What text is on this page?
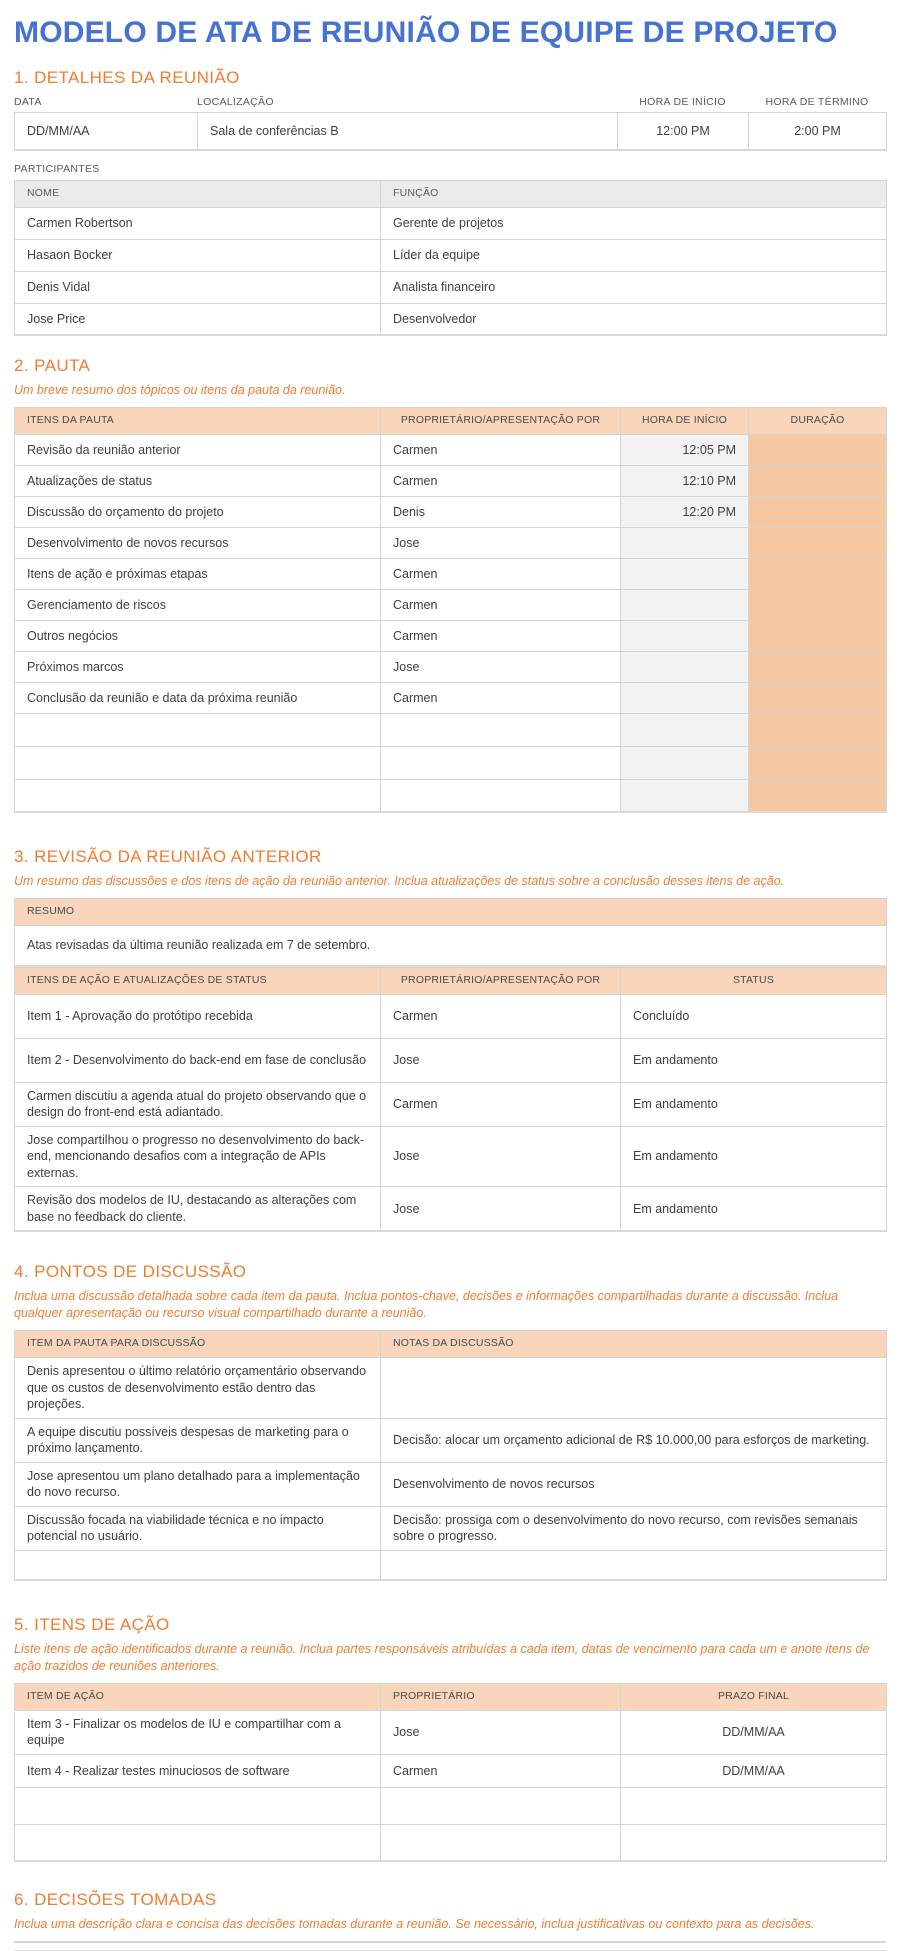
MODELO DE ATA DE REUNIÃO DE EQUIPE DE PROJETO
1. DETALHES DA REUNIÃO
DATA	LOCALIZAÇÃO	HORA DE INÍCIO	HORA DE TÉRMINO
DD/MM/AA	Sala de conferências B	12:00 PM	2:00 PM
PARTICIPANTES
NOME	FUNÇÃO
Carmen Robertson	Gerente de projetos
Hasaon Bocker	Líder da equipe
Denis Vidal	Analista financeiro
Jose Price	Desenvolvedor
2. PAUTA
Um breve resumo dos tópicos ou itens da pauta da reunião.
ITENS DA PAUTA	PROPRIETÁRIO/APRESENTAÇÃO POR	HORA DE INÍCIO	DURAÇÃO
Revisão da reunião anterior	Carmen	12:05 PM	
Atualizações de status	Carmen	12:10 PM	
Discussão do orçamento do projeto	Denis	12:20 PM	
Desenvolvimento de novos recursos	Jose		
Itens de ação e próximas etapas	Carmen		
Gerenciamento de riscos	Carmen		
Outros negócios	Carmen		
Próximos marcos	Jose		
Conclusão da reunião e data da próxima reunião	Carmen		

3. REVISÃO DA REUNIÃO ANTERIOR
Um resumo das discussões e dos itens de ação da reunião anterior. Inclua atualizações de status sobre a conclusão desses itens de ação.
RESUMO
Atas revisadas da última reunião realizada em 7 de setembro.
ITENS DE AÇÃO E ATUALIZAÇÕES DE STATUS	PROPRIETÁRIO/APRESENTAÇÃO POR	STATUS
Item 1 - Aprovação do protótipo recebida	Carmen	Concluído
Item 2 - Desenvolvimento do back-end em fase de conclusão	Jose	Em andamento
Carmen discutiu a agenda atual do projeto observando que o design do front-end está adiantado.	Carmen	Em andamento
Jose compartilhou o progresso no desenvolvimento do back-end, mencionando desafios com a integração de APIs externas.	Jose	Em andamento
Revisão dos modelos de IU, destacando as alterações com base no feedback do cliente.	Jose	Em andamento
4. PONTOS DE DISCUSSÃO
Inclua uma discussão detalhada sobre cada item da pauta. Inclua pontos-chave, decisões e informações compartilhadas durante a discussão. Inclua qualquer apresentação ou recurso visual compartilhado durante a reunião.
ITEM DA PAUTA PARA DISCUSSÃO	NOTAS DA DISCUSSÃO
Denis apresentou o último relatório orçamentário observando que os custos de desenvolvimento estão dentro das projeções.	
A equipe discutiu possíveis despesas de marketing para o próximo lançamento.	Decisão: alocar um orçamento adicional de R$ 10.000,00 para esforços de marketing.
Jose apresentou um plano detalhado para a implementação do novo recurso.	Desenvolvimento de novos recursos
Discussão focada na viabilidade técnica e no impacto potencial no usuário.	Decisão: prossiga com o desenvolvimento do novo recurso, com revisões semanais sobre o progresso.

5. ITENS DE AÇÃO
Liste itens de ação identificados durante a reunião. Inclua partes responsáveis atribuídas a cada item, datas de vencimento para cada um e anote itens de ação trazidos de reuniões anteriores.
ITEM DE AÇÃO	PROPRIETÁRIO	PRAZO FINAL
Item 3 - Finalizar os modelos de IU e compartilhar com a equipe	Jose	DD/MM/AA
Item 4 - Realizar testes minuciosos de software	Carmen	DD/MM/AA

6. DECISÕES TOMADAS
Inclua uma descrição clara e concisa das decisões tomadas durante a reunião. Se necessário, inclua justificativas ou contexto para as decisões.
